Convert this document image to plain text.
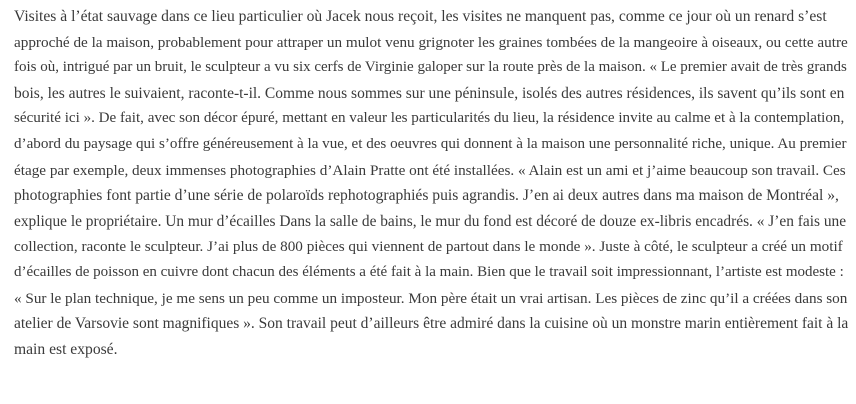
Visites à l’état sauvage dans ce lieu particulier où Jacek nous reçoit, les visites ne manquent pas, comme ce jour où un renard s’est
approché de la maison, probablement pour attraper un mulot venu grignoter les graines tombées de la mangeoire à oiseaux, ou cette autre
fois où, intrigué par un bruit, le sculpteur a vu six cerfs de Virginie galoper sur la route près de la maison. « Le premier avait de très grands
bois, les autres le suivaient, raconte-t-il. Comme nous sommes sur une péninsule, isolés des autres résidences, ils savent qu’ils sont en
sécurité ici ». De fait, avec son décor épuré, mettant en valeur les particularités du lieu, la résidence invite au calme et à la contemplation,
d’abord du paysage qui s’offre généreusement à la vue, et des oeuvres qui donnent à la maison une personnalité riche, unique. Au premier
étage par exemple, deux immenses photographies d’Alain Pratte ont été installées. « Alain est un ami et j’aime beaucoup son travail. Ces
photographies font partie d’une série de polaroïds rephotographiés puis agrandis. J’en ai deux autres dans ma maison de Montréal »,
explique le propriétaire. Un mur d’écailles Dans la salle de bains, le mur du fond est décoré de douze ex-libris encadrés. « J’en fais une
collection, raconte le sculpteur. J’ai plus de 800 pièces qui viennent de partout dans le monde ». Juste à côté, le sculpteur a créé un motif
d’écailles de poisson en cuivre dont chacun des éléments a été fait à la main. Bien que le travail soit impressionnant, l’artiste est modeste :
« Sur le plan technique, je me sens un peu comme un imposteur. Mon père était un vrai artisan. Les pièces de zinc qu’il a créées dans son
atelier de Varsovie sont magnifiques ». Son travail peut d’ailleurs être admiré dans la cuisine où un monstre marin entièrement fait à la
main est exposé.
